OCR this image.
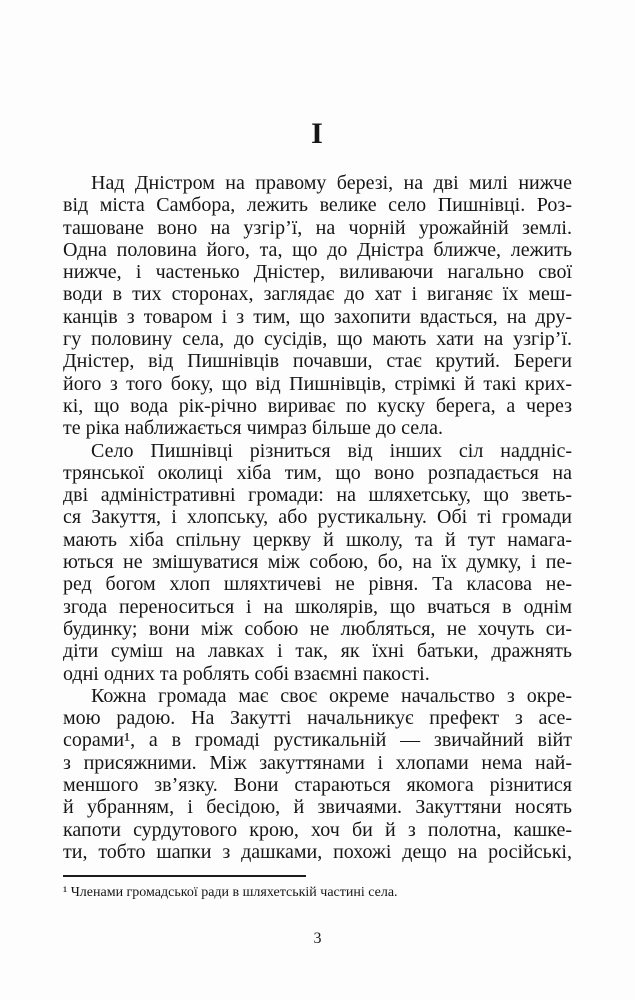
I
Над Дністром на правому березі, на дві милі нижче
від міста Самбора, лежить велике село Пишнівці. Роз-
ташоване воно на узгір’ї, на чорній урожайній землі.
Одна половина його, та, що до Дністра ближче, лежить
нижче, і частенько Дністер, виливаючи нагально свої
води в тих сторонах, заглядає до хат і виганяє їх меш-
канців з товаром і з тим, що захопити вдасться, на дру-
гу половину села, до сусідів, що мають хати на узгір’ї.
Дністер, від Пишнівців почавши, стає крутий. Береги
його з того боку, що від Пишнівців, стрімкі й такі крих-
кі, що вода рік-річно вириває по куску берега, а через
те ріка наближається чимраз більше до села.
Село Пишнівці різниться від інших сіл наддніс-
трянської околиці хіба тим, що воно розпадається на
дві адміністративні громади: на шляхетську, що зветь-
ся Закуття, і хлопську, або рустикальну. Обі ті громади
мають хіба спільну церкву й школу, та й тут намага-
ються не змішуватися між собою, бо, на їх думку, і пе-
ред богом хлоп шляхтичеві не рівня. Та класова не-
згода переноситься і на школярів, що вчаться в однім
будинку; вони між собою не любляться, не хочуть си-
діти суміш на лавках і так, як їхні батьки, дражнять
одні одних та роблять собі взаємні пакості.
Кожна громада має своє окреме начальство з окре-
мою радою. На Закутті начальникує префект з асе-
сорами¹, а в громаді рустикальній — звичайний війт
з присяжними. Між закуттянами і хлопами нема най-
меншого зв’язку. Вони стараються якомога різнитися
й убранням, і бесідою, й звичаями. Закуттяни носять
капоти сурдутового крою, хоч би й з полотна, кашке-
ти, тобто шапки з дашками, похожі дещо на російські,
¹ Членами громадської ради в шляхетській частині села.
3
